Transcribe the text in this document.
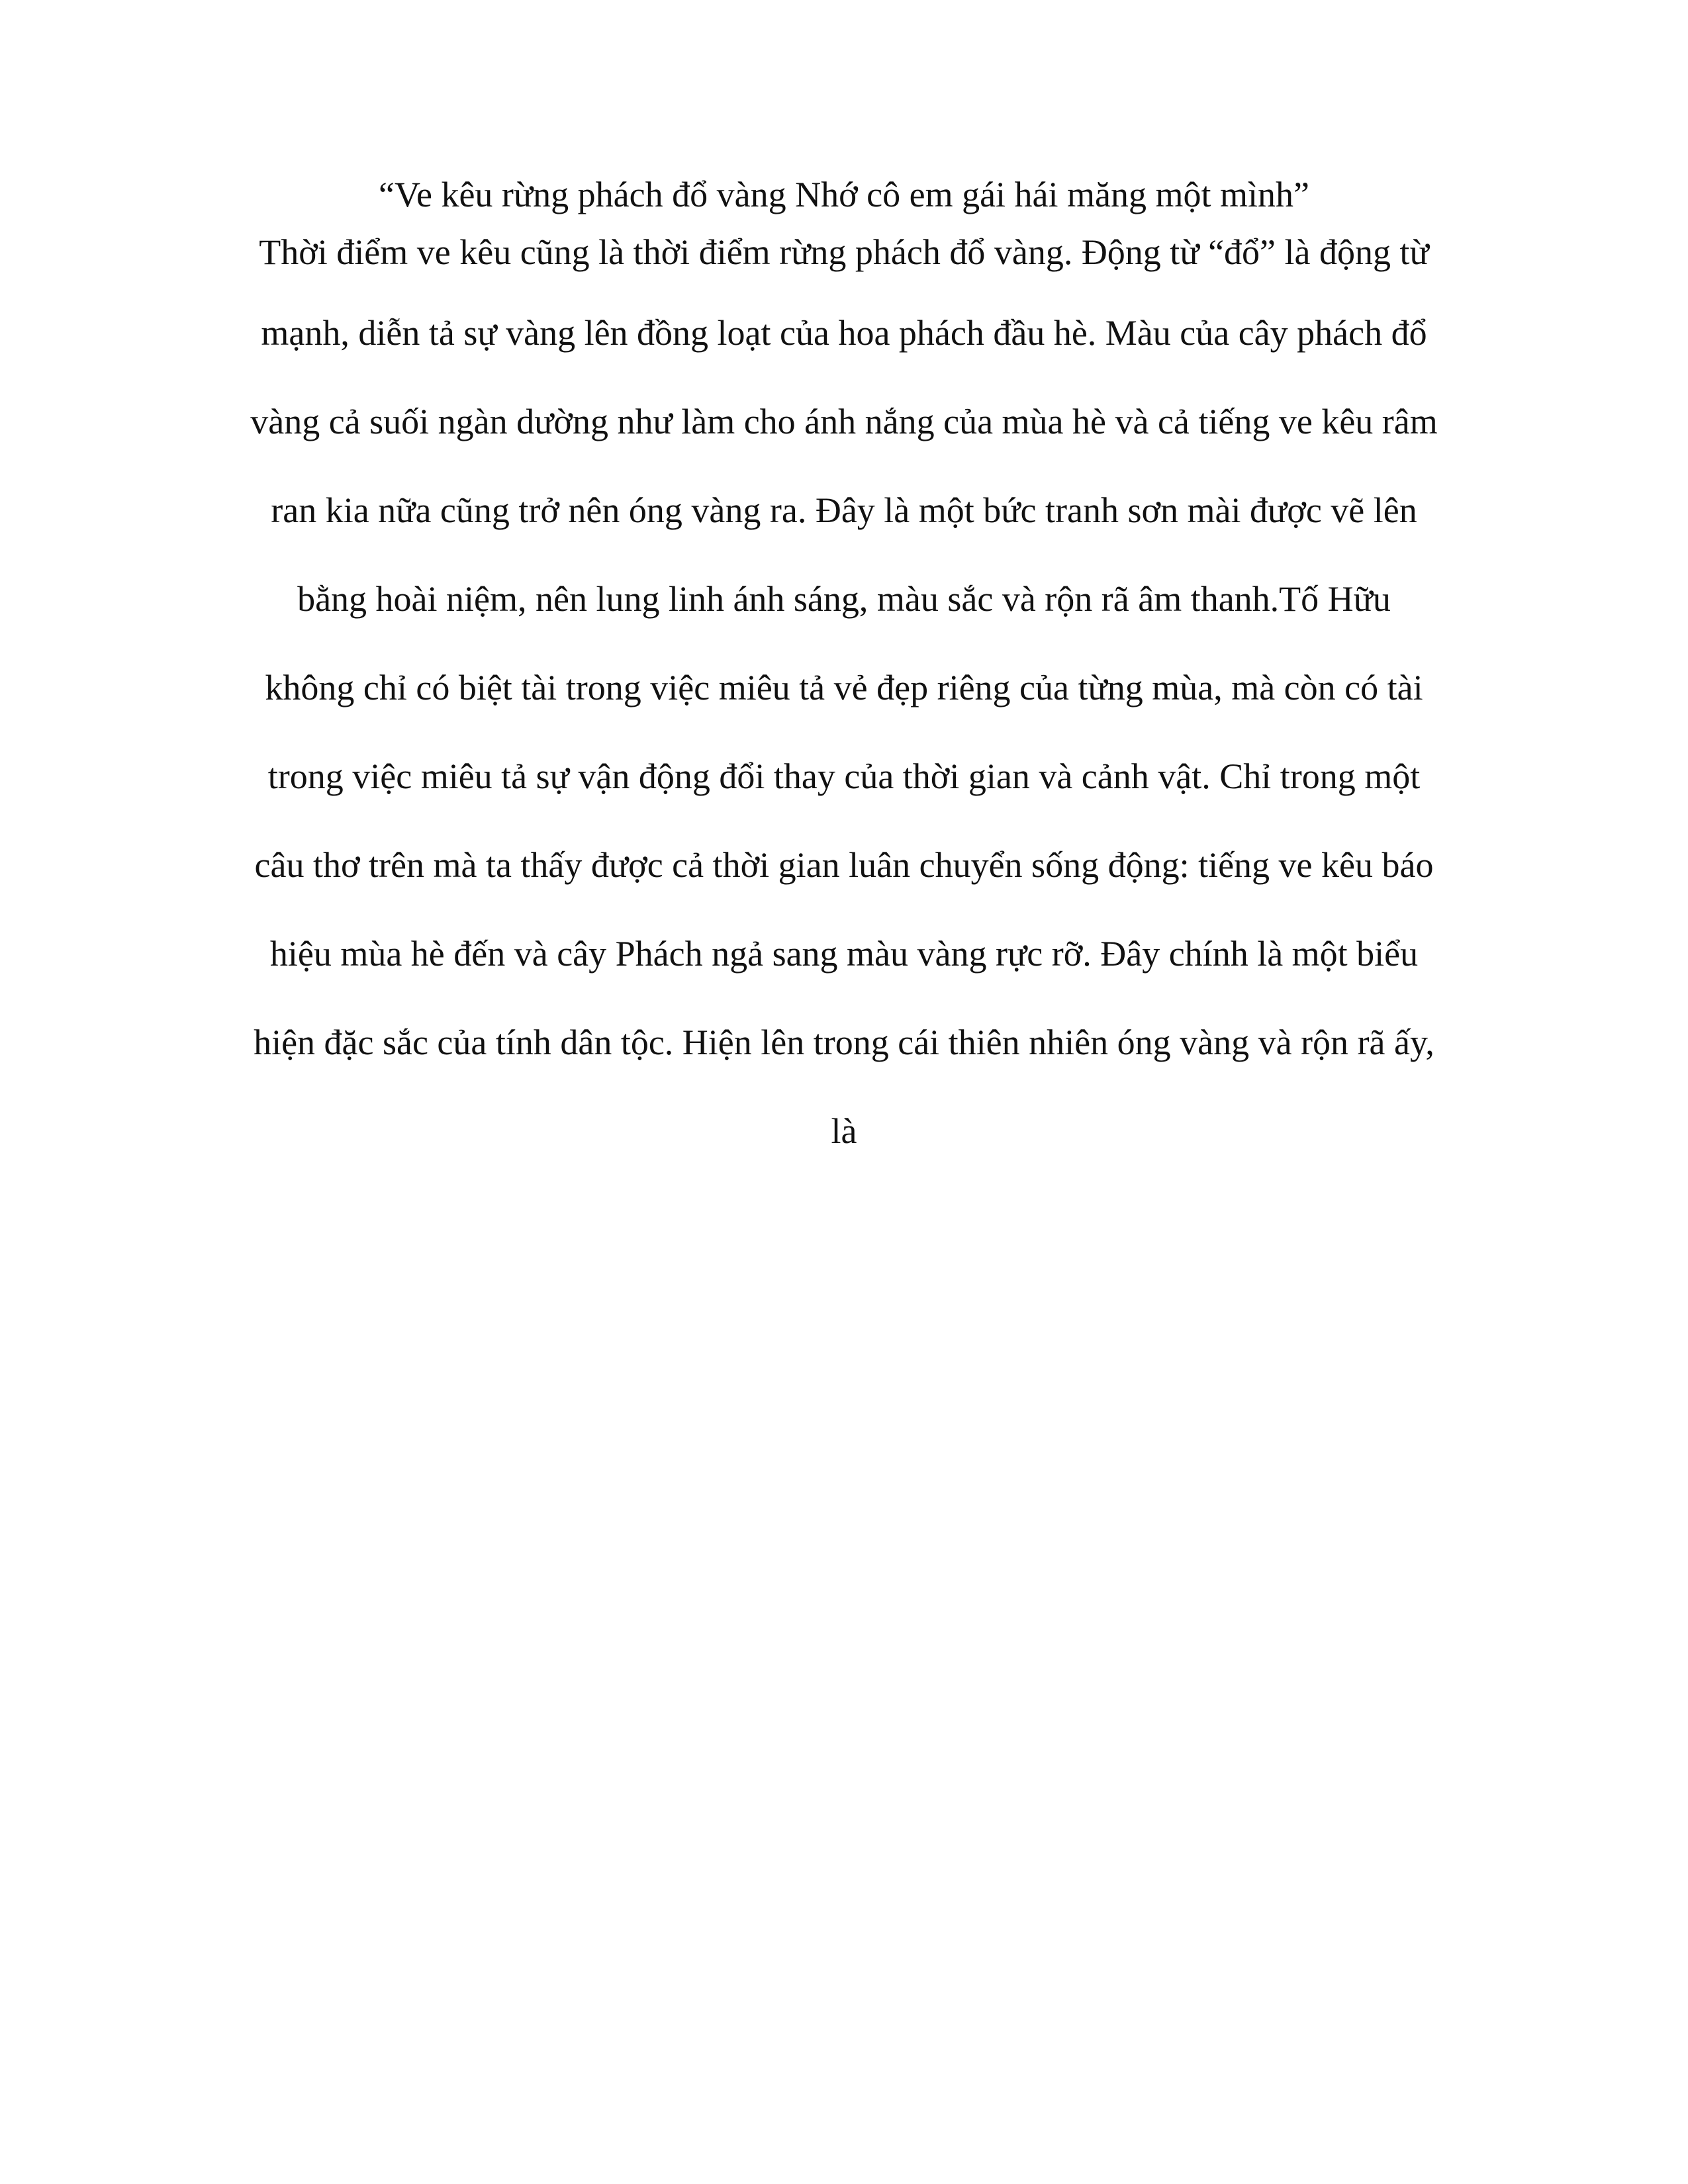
“Ve kêu rừng phách đổ vàng Nhớ cô em gái hái măng một mình”
Thời điểm ve kêu cũng là thời điểm rừng phách đổ vàng. Động từ “đổ” là động từ
mạnh, diễn tả sự vàng lên đồng loạt của hoa phách đầu hè. Màu của cây phách đổ
vàng cả suối ngàn dường như làm cho ánh nắng của mùa hè và cả tiếng ve kêu râm
ran kia nữa cũng trở nên óng vàng ra. Đây là một bức tranh sơn mài được vẽ lên
bằng hoài niệm, nên lung linh ánh sáng, màu sắc và rộn rã âm thanh.Tố Hữu
không chỉ có biệt tài trong việc miêu tả vẻ đẹp riêng của từng mùa, mà còn có tài
trong việc miêu tả sự vận động đổi thay của thời gian và cảnh vật. Chỉ trong một
câu thơ trên mà ta thấy được cả thời gian luân chuyển sống động: tiếng ve kêu báo
hiệu mùa hè đến và cây Phách ngả sang màu vàng rực rỡ. Đây chính là một biểu
hiện đặc sắc của tính dân tộc. Hiện lên trong cái thiên nhiên óng vàng và rộn rã ấy,
là
